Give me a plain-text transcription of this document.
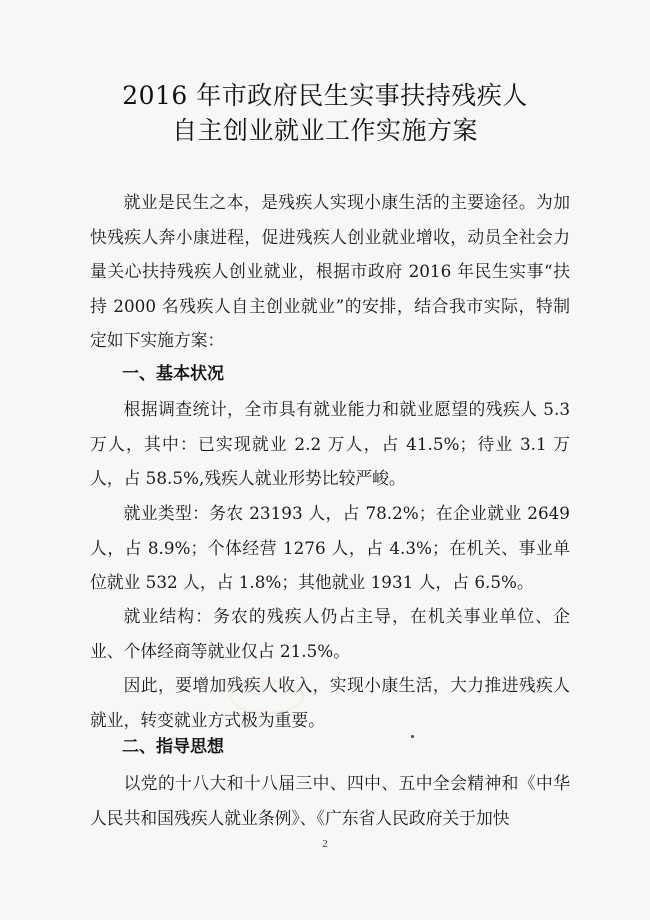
2016 年市政府民生实事扶持残疾人
自主创业就业工作实施方案
就业是民生之本，是残疾人实现小康生活的主要途径。为加快残疾人奔小康进程，促进残疾人创业就业增收，动员全社会力量关心扶持残疾人创业就业，根据市政府 2016 年民生实事“扶持 2000 名残疾人自主创业就业”的安排，结合我市实际，特制定如下实施方案：
一、基本状况
根据调查统计，全市具有就业能力和就业愿望的残疾人 5.3 万人，其中：已实现就业 2.2 万人，占 41.5%；待业 3.1 万人，占 58.5%,残疾人就业形势比较严峻。
就业类型：务农 23193 人，占 78.2%；在企业就业 2649 人，占 8.9%；个体经营 1276 人，占 4.3%；在机关、事业单位就业 532 人，占 1.8%；其他就业 1931 人，占 6.5%。
就业结构：务农的残疾人仍占主导，在机关事业单位、企业、个体经商等就业仅占 21.5%。
因此，要增加残疾人收入，实现小康生活，大力推进残疾人就业，转变就业方式极为重要。
二、指导思想
以党的十八大和十八届三中、四中、五中全会精神和《中华人民共和国残疾人就业条例》、《广东省人民政府关于加快
2
